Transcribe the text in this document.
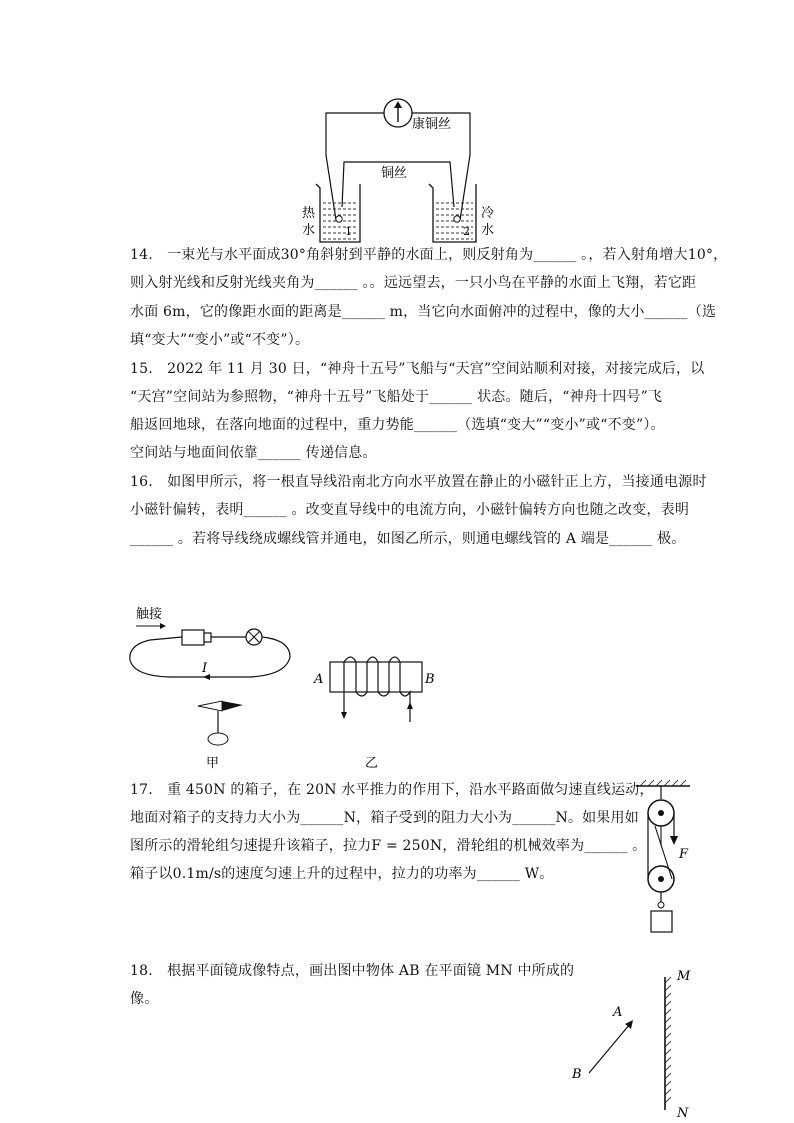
康铜丝
铜丝
热
水
冷
水
1	2
14.　一束光与水平面成30°角斜射到平静的水面上，则反射角为______ 。，若入射角增大10°，
则入射光线和反射光线夹角为______ 。。远远望去，一只小鸟在平静的水面上飞翔，若它距
水面 6m，它的像距水面的距离是______ m，当它向水面俯冲的过程中，像的大小______（选
填“变大”“变小”或“不变”）。
15.　2022 年 11 月 30 日，“神舟十五号”飞船与“天宫”空间站顺利对接，对接完成后，以
“天宫”空间站为参照物，“神舟十五号”飞船处于______ 状态。随后，“神舟十四号”飞
船返回地球，在落向地面的过程中，重力势能______（选填“变大”“变小”或“不变”）。
空间站与地面间依靠______ 传递信息。
16.　如图甲所示，将一根直导线沿南北方向水平放置在静止的小磁针正上方，当接通电源时
小磁针偏转，表明______ 。改变直导线中的电流方向，小磁针偏转方向也随之改变，表明
______ 。若将导线绕成螺线管并通电，如图乙所示，则通电螺线管的 A 端是______ 极。
触接
I
A	B
甲	乙
17.　重 450N 的箱子，在 20N 水平推力的作用下，沿水平路面做匀速直线运动，
地面对箱子的支持力大小为______N，箱子受到的阻力大小为______N。如果用如
图所示的滑轮组匀速提升该箱子，拉力F = 250N，滑轮组的机械效率为______ 。
箱子以0.1m/s的速度匀速上升的过程中，拉力的功率为______ W。
F
18.　根据平面镜成像特点，画出图中物体 AB 在平面镜 MN 中所成的
像。
M
N
A
B
